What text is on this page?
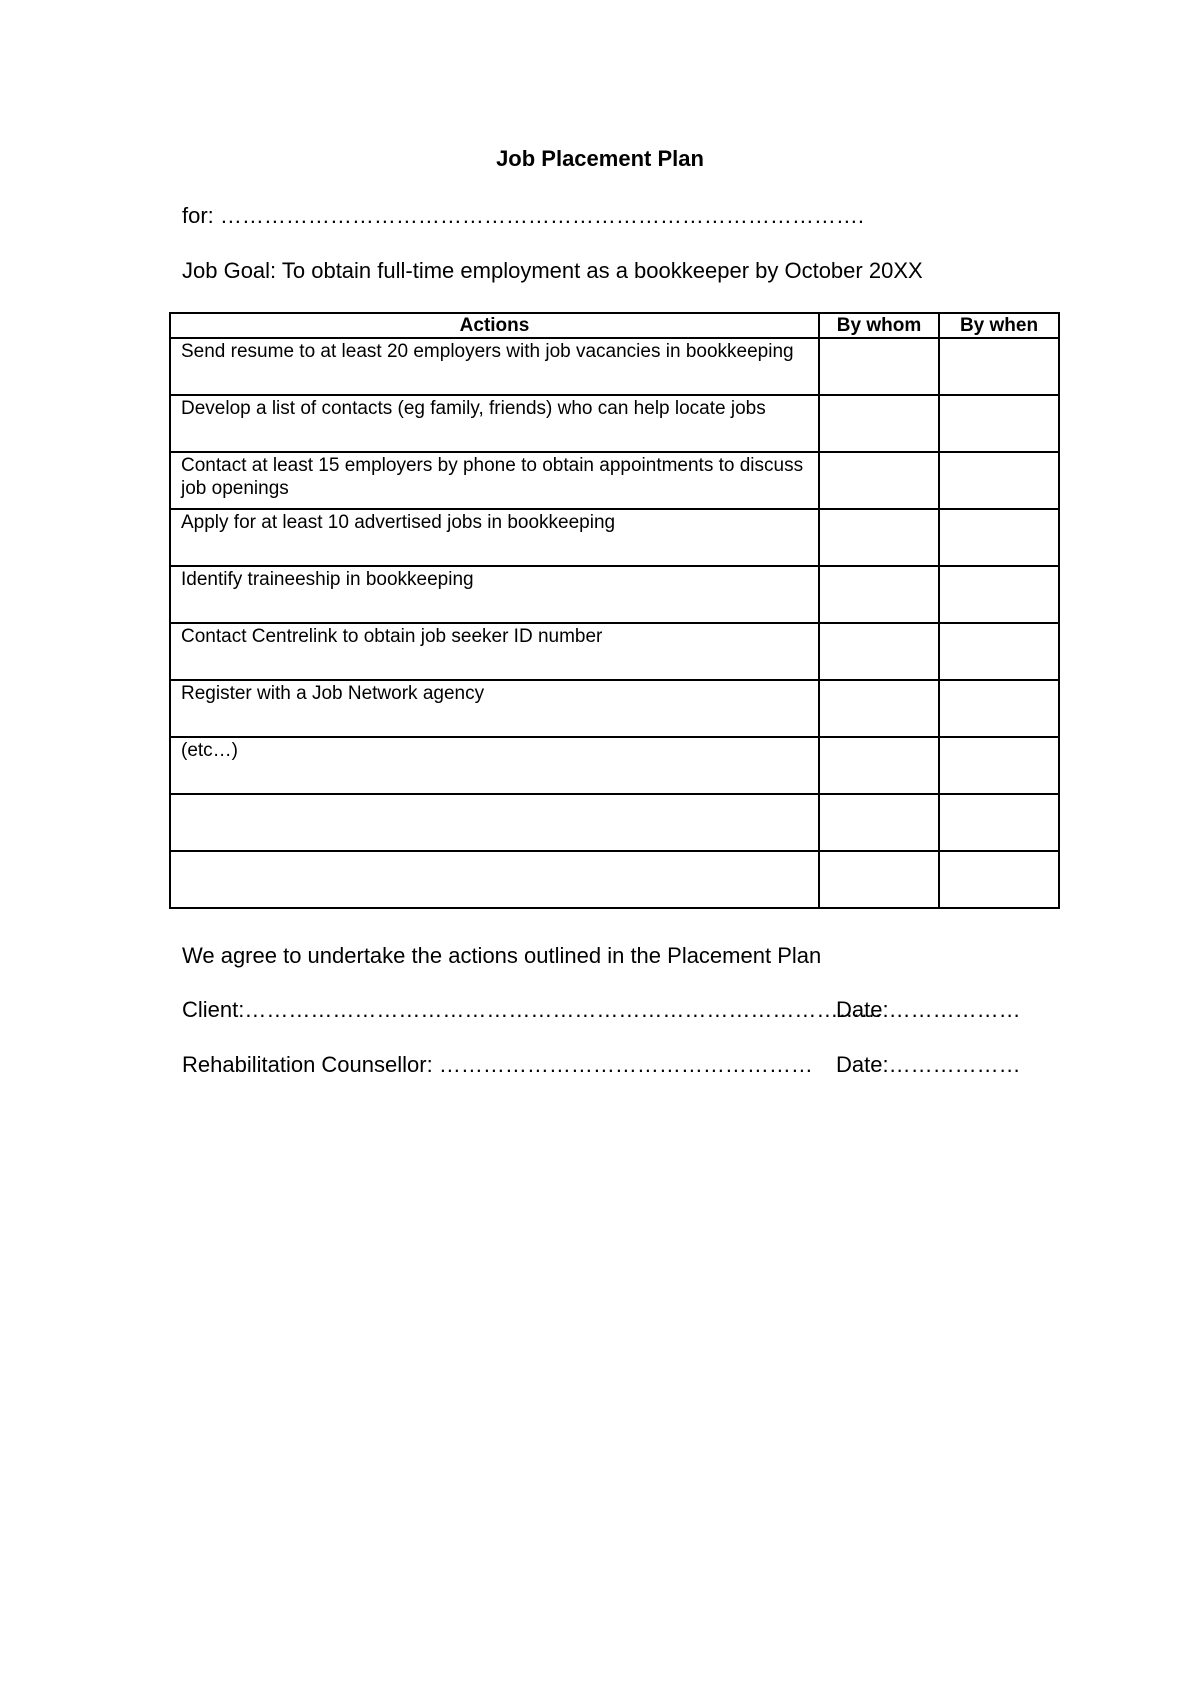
Job Placement Plan
for: …………………………………………………………………………….
Job Goal: To obtain full-time employment as a bookkeeper by October 20XX
Actions	By whom	By when
Send resume to at least 20 employers with job vacancies in bookkeeping		
Develop a list of contacts (eg family, friends) who can help locate jobs		
Contact at least 15 employers by phone to obtain appointments to discuss job openings		
Apply for at least 10 advertised jobs in bookkeeping		
Identify traineeship in bookkeeping		
Contact Centrelink to obtain job seeker ID number		
Register with a Job Network agency		
(etc…)		

We agree to undertake the actions outlined in the Placement Plan
Client:……………………………………………………………………………
Date:………………
Rehabilitation Counsellor: …………………………………………… Date:………………
